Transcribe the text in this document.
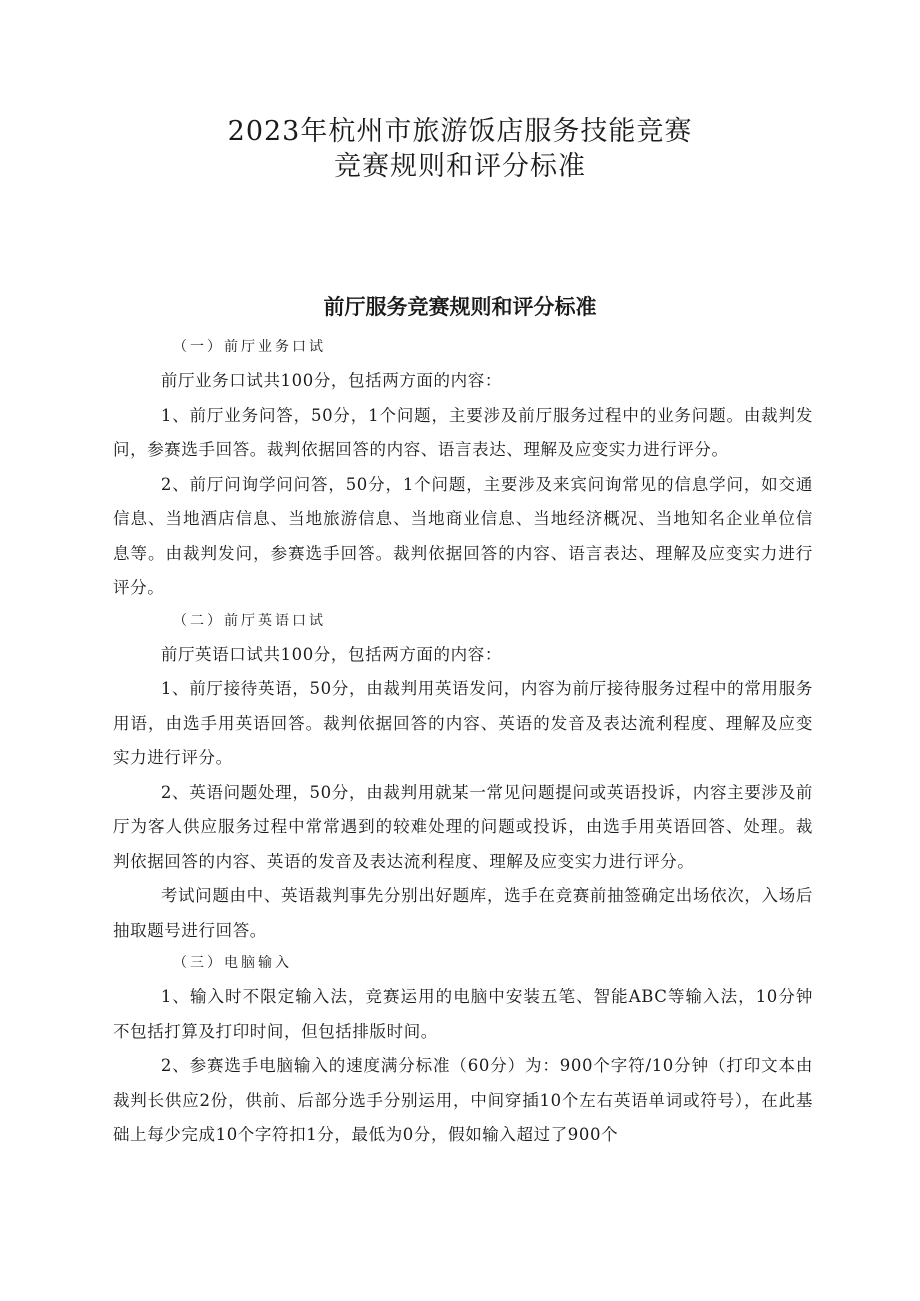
2023年杭州市旅游饭店服务技能竞赛
竞赛规则和评分标准
前厅服务竞赛规则和评分标准
（一）前厅业务口试

前厅业务口试共100分，包括两方面的内容：

1、前厅业务问答，50分，1个问题，主要涉及前厅服务过程中的业务问题。由裁判发问，参赛选手回答。裁判依据回答的内容、语言表达、理解及应变实力进行评分。

2、前厅问询学问问答，50分，1个问题，主要涉及来宾问询常见的信息学问，如交通信息、当地酒店信息、当地旅游信息、当地商业信息、当地经济概况、当地知名企业单位信息等。由裁判发问，参赛选手回答。裁判依据回答的内容、语言表达、理解及应变实力进行评分。

（二）前厅英语口试

前厅英语口试共100分，包括两方面的内容：

1、前厅接待英语，50分，由裁判用英语发问，内容为前厅接待服务过程中的常用服务用语，由选手用英语回答。裁判依据回答的内容、英语的发音及表达流利程度、理解及应变实力进行评分。

2、英语问题处理，50分，由裁判用就某一常见问题提问或英语投诉，内容主要涉及前厅为客人供应服务过程中常常遇到的较难处理的问题或投诉，由选手用英语回答、处理。裁判依据回答的内容、英语的发音及表达流利程度、理解及应变实力进行评分。

考试问题由中、英语裁判事先分别出好题库，选手在竞赛前抽签确定出场依次，入场后抽取题号进行回答。

（三）电脑输入

1、输入时不限定输入法，竞赛运用的电脑中安装五笔、智能ABC等输入法，10分钟不包括打算及打印时间，但包括排版时间。

2、参赛选手电脑输入的速度满分标准（60分）为：900个字符/10分钟（打印文本由裁判长供应2份，供前、后部分选手分别运用，中间穿插10个左右英语单词或符号），在此基础上每少完成10个字符扣1分，最低为0分，假如输入超过了900个
